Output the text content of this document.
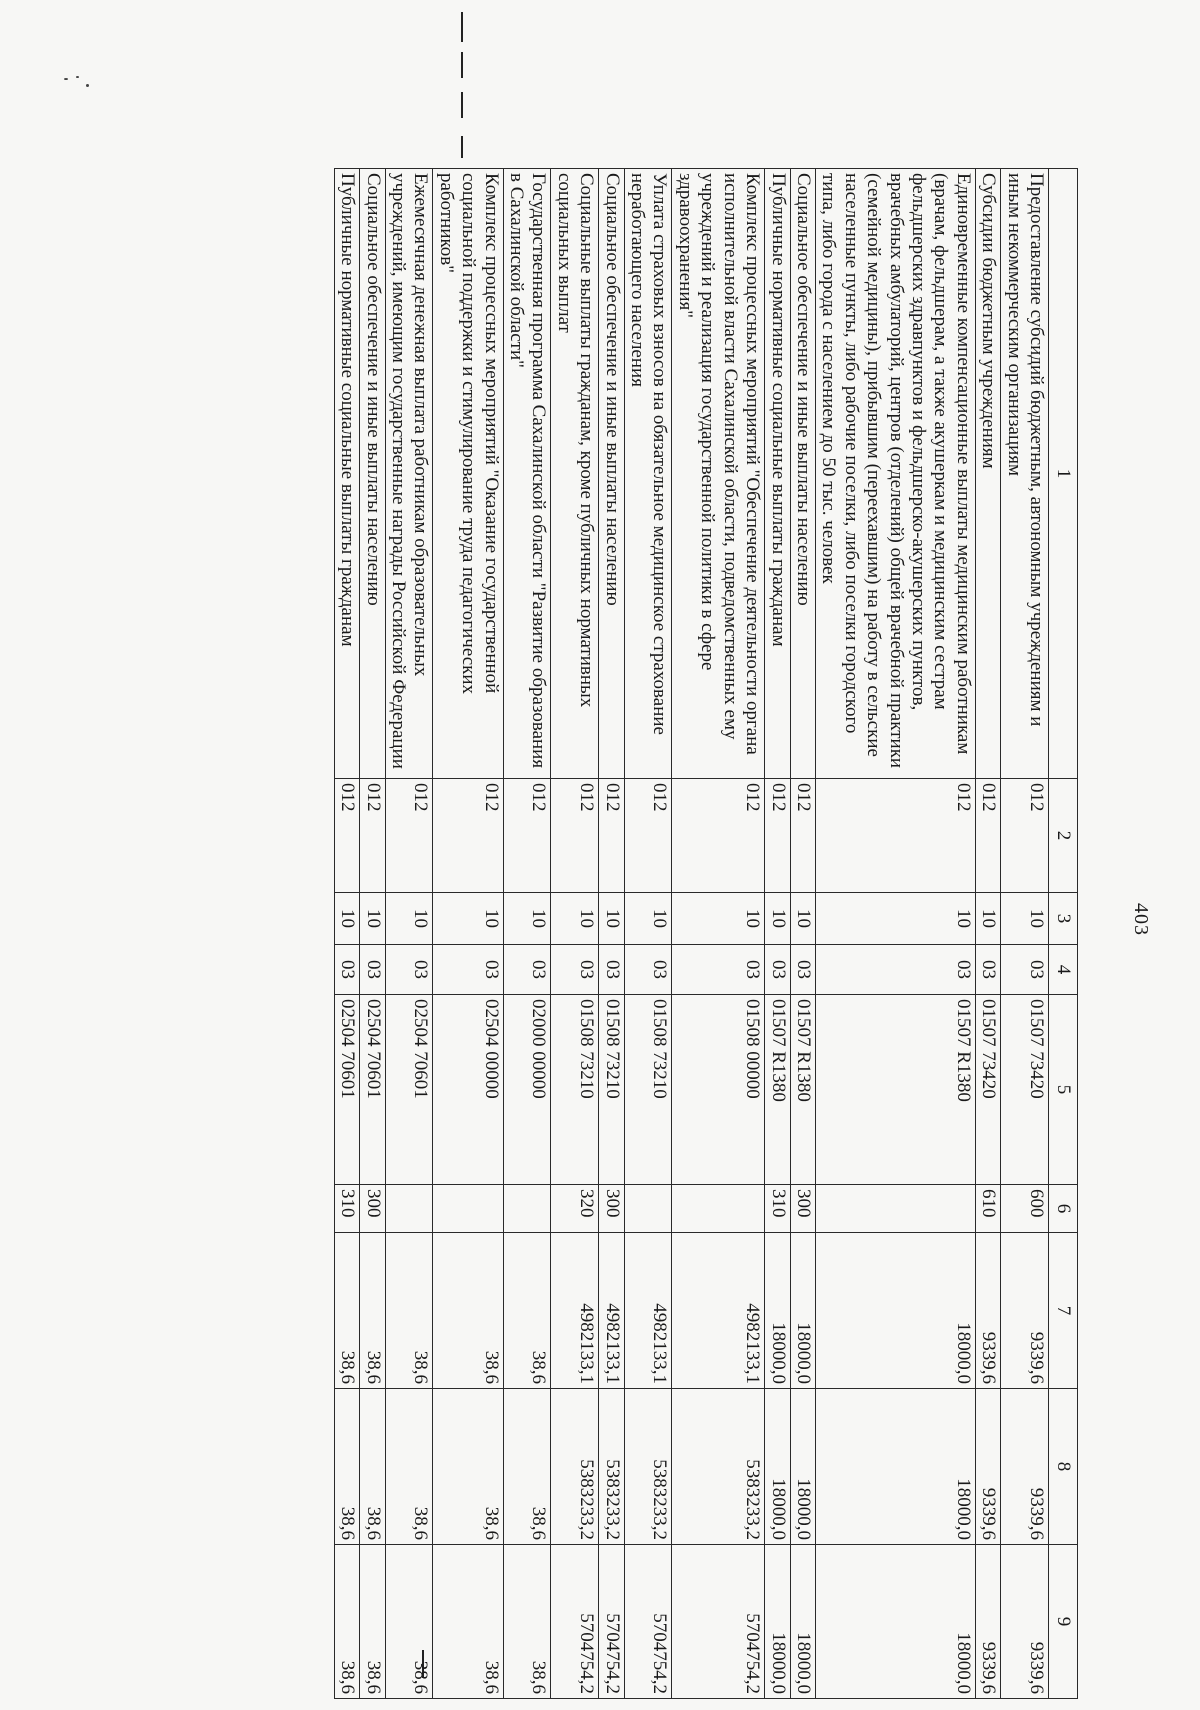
403
1	2	3	4	5	6	7	8	9
Предоставление субсидий бюджетным, автономным учреждениям и иным некоммерческим организациям	012	10	03	01507 73420	600	9339,6	9339,6	9339,6
Субсидии бюджетным учреждениям	012	10	03	01507 73420	610	9339,6	9339,6	9339,6
Единовременные компенсационные выплаты медицинским работникам (врачам, фельдшерам, а также акушеркам и медицинским сестрам фельдшерских здравпунктов и фельдшерско-акушерских пунктов, врачебных амбулаторий, центров (отделений) общей врачебной практики (семейной медицины), прибывшим (переехавшим) на работу в сельские населенные пункты, либо рабочие поселки, либо поселки городского типа, либо города с населением до 50 тыс. человек	012	10	03	01507 R1380		18000,0	18000,0	18000,0
Социальное обеспечение и иные выплаты населению	012	10	03	01507 R1380	300	18000,0	18000,0	18000,0
Публичные нормативные социальные выплаты гражданам	012	10	03	01507 R1380	310	18000,0	18000,0	18000,0
Комплекс процессных мероприятий "Обеспечение деятельности органа исполнительной власти Сахалинской области, подведомственных ему учреждений и реализация государственной политики в сфере здравоохранения"	012	10	03	01508 00000		4982133,1	5383233,2	5704754,2
Уплата страховых взносов на обязательное медицинское страхование неработающего населения	012	10	03	01508 73210		4982133,1	5383233,2	5704754,2
Социальное обеспечение и иные выплаты населению	012	10	03	01508 73210	300	4982133,1	5383233,2	5704754,2
Социальные выплаты гражданам, кроме публичных нормативных социальных выплат	012	10	03	01508 73210	320	4982133,1	5383233,2	5704754,2
Государственная программа Сахалинской области "Развитие образования в Сахалинской области"	012	10	03	02000 00000		38,6	38,6	38,6
Комплекс процессных мероприятий "Оказание государственной социальной поддержки и стимулирование труда педагогических работников"	012	10	03	02504 00000		38,6	38,6	38,6
Ежемесячная денежная выплата работникам образовательных учреждений, имеющим государственные награды Российской Федерации	012	10	03	02504 70601		38,6	38,6	38,6
Социальное обеспечение и иные выплаты населению	012	10	03	02504 70601	300	38,6	38,6	38,6
Публичные нормативные социальные выплаты гражданам	012	10	03	02504 70601	310	38,6	38,6	38,6
